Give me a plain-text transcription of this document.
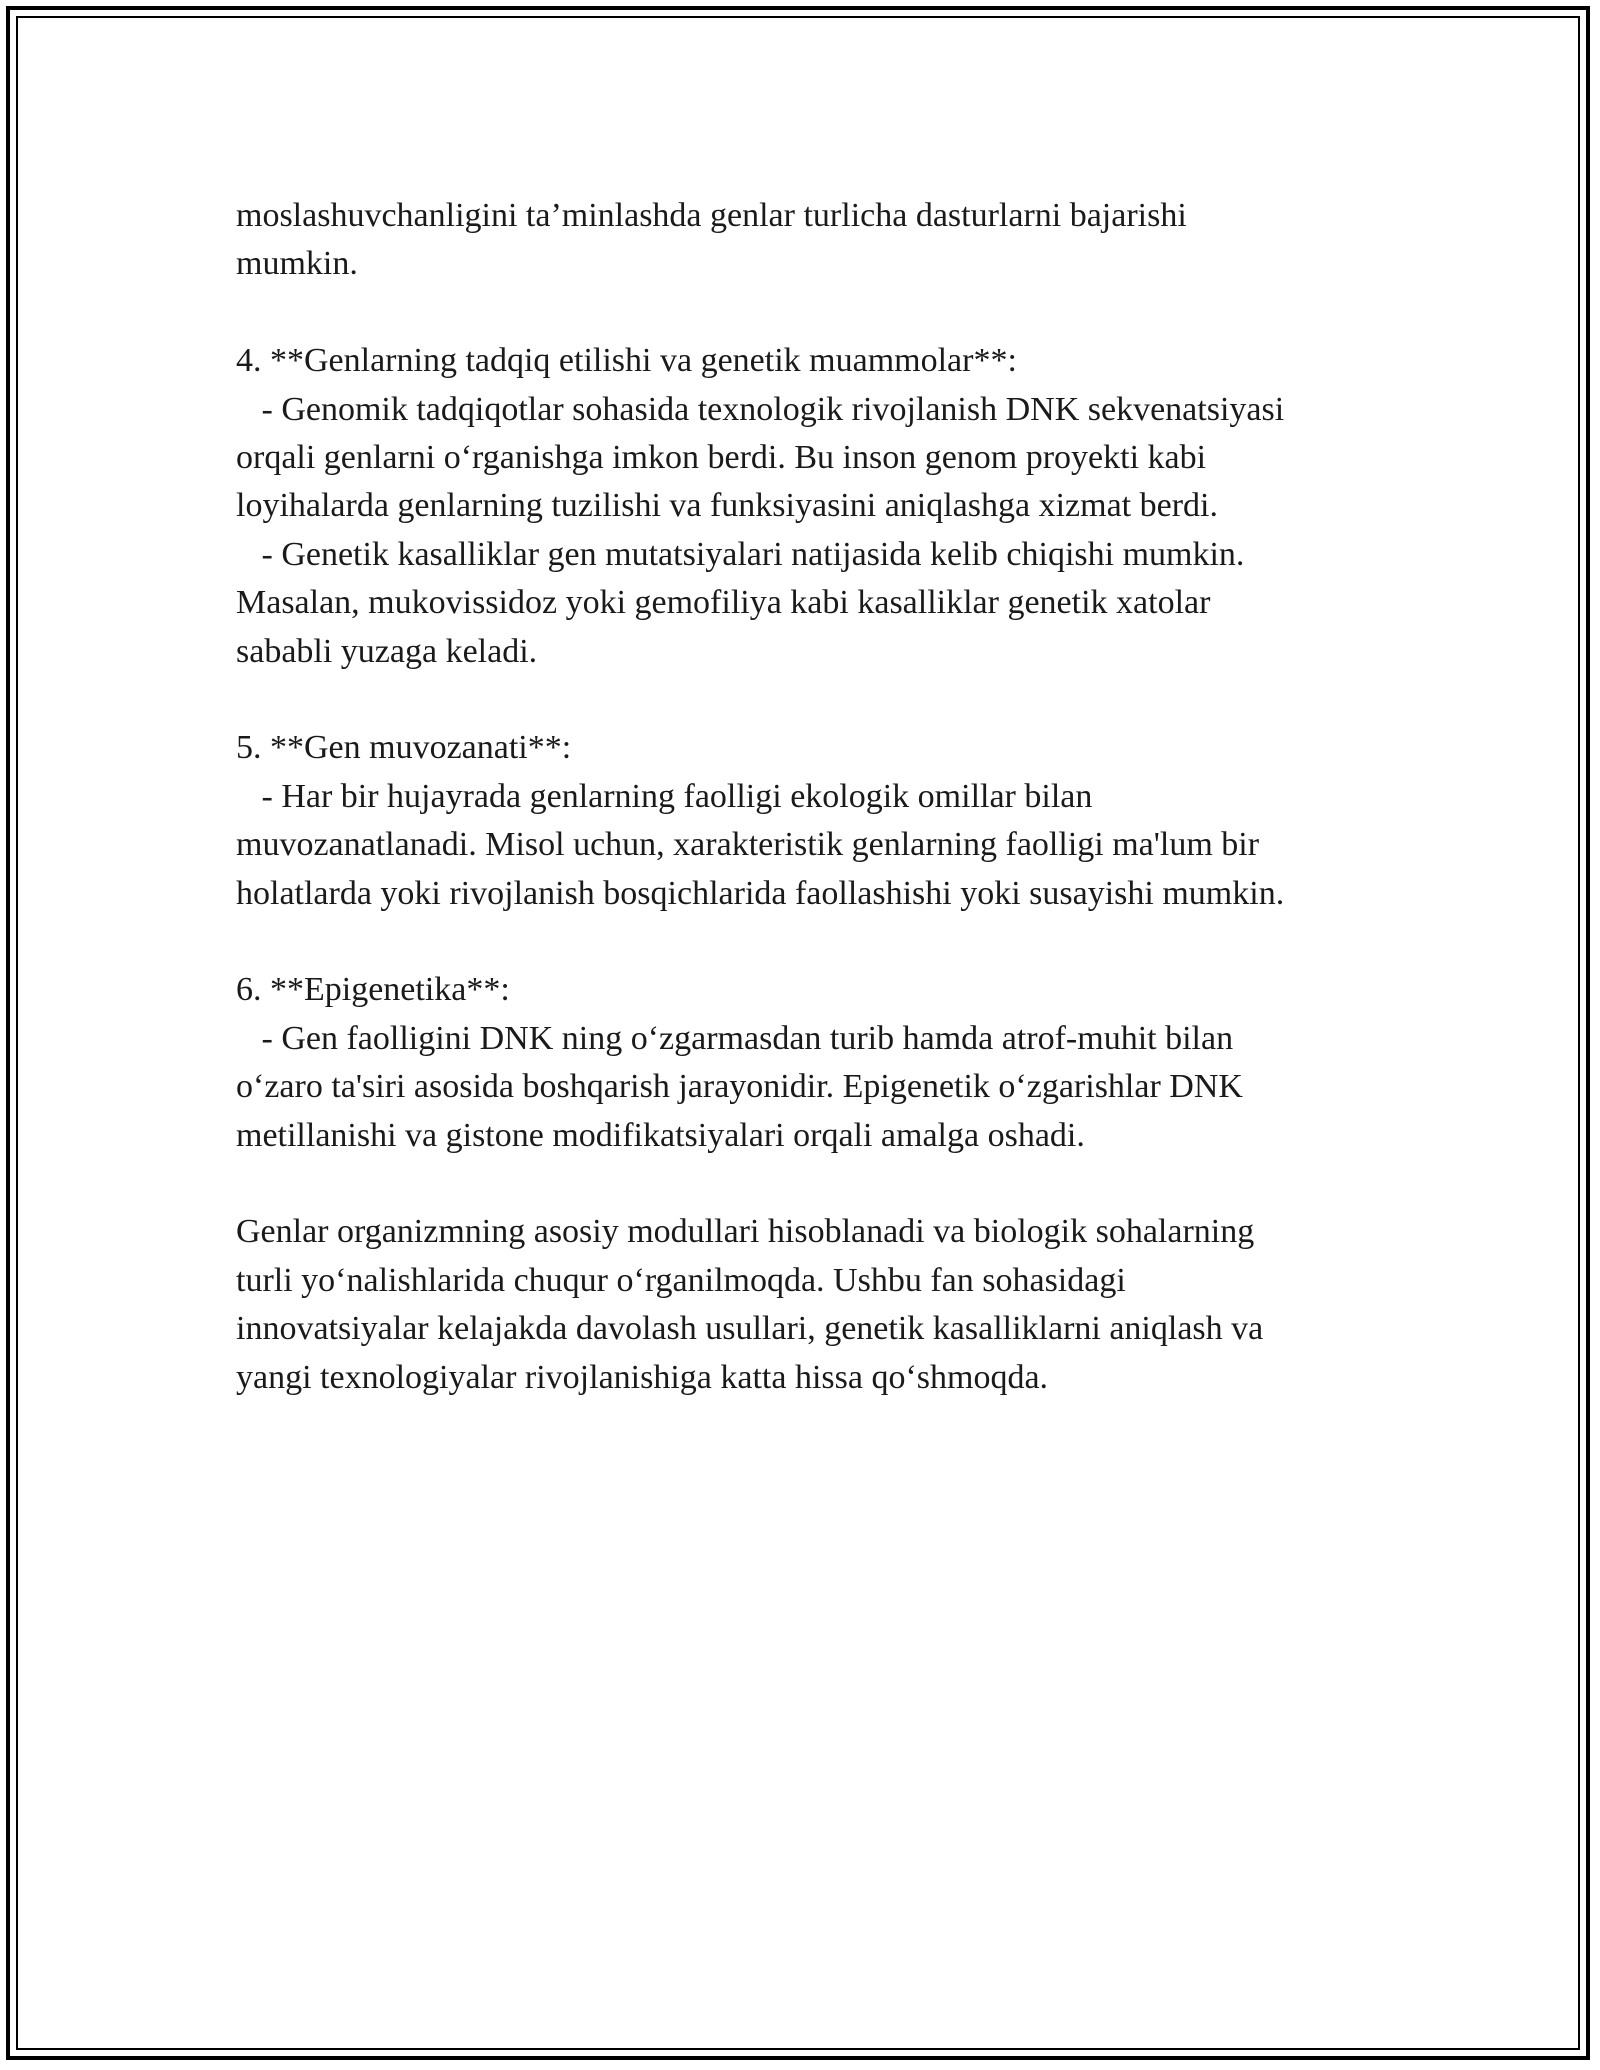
moslashuvchanligini ta’minlashda genlar turlicha dasturlarni bajarishi

mumkin.

4. **Genlarning tadqiq etilishi va genetik muammolar**:

- Genomik tadqiqotlar sohasida texnologik rivojlanish DNK sekvenatsiyasi

orqali genlarni o‘rganishga imkon berdi. Bu inson genom proyekti kabi

loyihalarda genlarning tuzilishi va funksiyasini aniqlashga xizmat berdi.

- Genetik kasalliklar gen mutatsiyalari natijasida kelib chiqishi mumkin.

Masalan, mukovissidoz yoki gemofiliya kabi kasalliklar genetik xatolar

sababli yuzaga keladi.

5. **Gen muvozanati**:

- Har bir hujayrada genlarning faolligi ekologik omillar bilan

muvozanatlanadi. Misol uchun, xarakteristik genlarning faolligi ma'lum bir

holatlarda yoki rivojlanish bosqichlarida faollashishi yoki susayishi mumkin.

6. **Epigenetika**:

- Gen faolligini DNK ning o‘zgarmasdan turib hamda atrof-muhit bilan

o‘zaro ta'siri asosida boshqarish jarayonidir. Epigenetik o‘zgarishlar DNK

metillanishi va gistone modifikatsiyalari orqali amalga oshadi.

Genlar organizmning asosiy modullari hisoblanadi va biologik sohalarning

turli yo‘nalishlarida chuqur o‘rganilmoqda. Ushbu fan sohasidagi

innovatsiyalar kelajakda davolash usullari, genetik kasalliklarni aniqlash va

yangi texnologiyalar rivojlanishiga katta hissa qo‘shmoqda.
